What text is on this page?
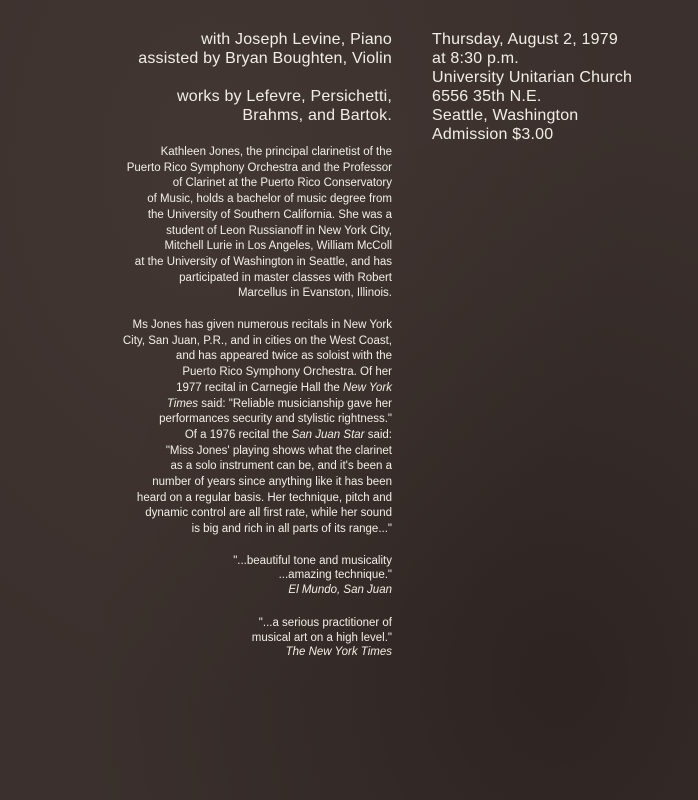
with Joseph Levine, Piano

assisted by Bryan Boughten, Violin

works by Lefevre, Persichetti,

Brahms, and Bartok.

Kathleen Jones, the principal clarinetist of the
Puerto Rico Symphony Orchestra and the Professor
of Clarinet at the Puerto Rico Conservatory
of Music, holds a bachelor of music degree from
the University of Southern California. She was a
student of Leon Russianoff in New York City,
Mitchell Lurie in Los Angeles, William McColl
at the University of Washington in Seattle, and has
participated in master classes with Robert
Marcellus in Evanston, Illinois.

Ms Jones has given numerous recitals in New York
City, San Juan, P.R., and in cities on the West Coast,
and has appeared twice as soloist with the
Puerto Rico Symphony Orchestra. Of her
1977 recital in Carnegie Hall the New York
Times said: "Reliable musicianship gave her
performances security and stylistic rightness."
Of a 1976 recital the San Juan Star said:
"Miss Jones' playing shows what the clarinet
as a solo instrument can be, and it's been a
number of years since anything like it has been
heard on a regular basis. Her technique, pitch and
dynamic control are all first rate, while her sound
is big and rich in all parts of its range..."

"...beautiful tone and musicality

...amazing technique."

El Mundo, San Juan

"...a serious practitioner of

musical art on a high level."

The New York Times

Thursday, August 2, 1979

at 8:30 p.m.

University Unitarian Church

6556 35th N.E.

Seattle, Washington

Admission $3.00
